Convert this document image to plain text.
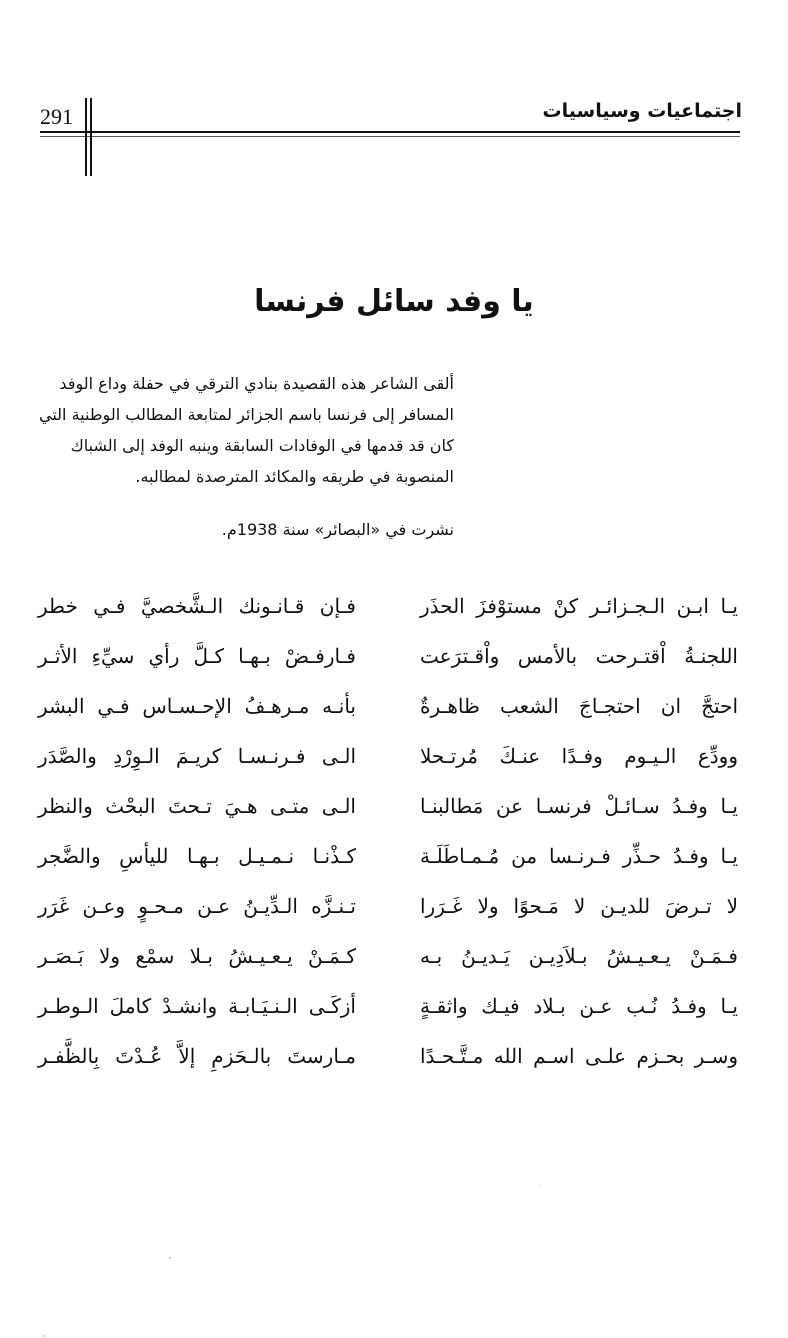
291	اجتماعيات وسياسيات
يا وفد سائل فرنسا
ألقى الشاعر هذه القصيدة بنادي الترقي في حفلة وداع الوفد
المسافر إلى فرنسا باسم الجزائر لمتابعة المطالب الوطنية التي
كان قد قدمها في الوفادات السابقة وينبه الوفد إلى الشباك
المنصوبة في طريقه والمكائد المترصدة لمطالبه.
نشرت في «البصائر» سنة 1938م.
يـا ابـن الـجـزائـر كنْ مستوْفزَ الحذَر
فـإن قـانـونك الـشَّخصيَّ فـي خطر
اللجنـةُ اْقتـرحت بالأمس واْقـترَعت
فـارفـضْ بـهـا كـلَّ رأي سيِّءِ الأثـر
احتجَّ ان احتجـاجَ الشعب ظاهـرةٌ
بأنـه مـرهـفُ الإحـسـاس فـي البشر
وودِّع الـيـوم وفـدًا عنـكَ مُرتـحلا
الـى فـرنـسـا كريـمَ الـوِرْدِ والصَّدَر
يـا وفـدُ سـائـلْ فرنسـا عن مَطالبنـا
الـى متـى هـيَ تـحتَ البحْث والنظر
يـا وفـدُ حـذِّر فـرنـسا من مُـمـاطَلَـة
كـذْنـا نـمـيـل بـهـا لليأسِ والضَّجر
لا تـرضَ للديـن لا مَـحوًا ولا غَـرَرا
تـنـزَّه الـدِّيـنُ عـن مـحـوٍ وعـن غَرَر
فـمَـنْ يـعـيـشُ بـلاَدِيـن يَـديـنُ بـه
كـمَـنْ يـعـيـشُ بـلا سمْع ولا بَـصَـر
يـا وفـدُ نُـب عـن بـلاد فيـك واثقـةٍ
أزكَـى الـنـيَـابـة وانشـدْ كاملَ الـوطـر
وسـر بحـزم علـى اسـم الله مـتَّـحـدًا
مـارستَ بالـحَزمِ إلاَّ عُـدْتَ بِالظَّفـر
